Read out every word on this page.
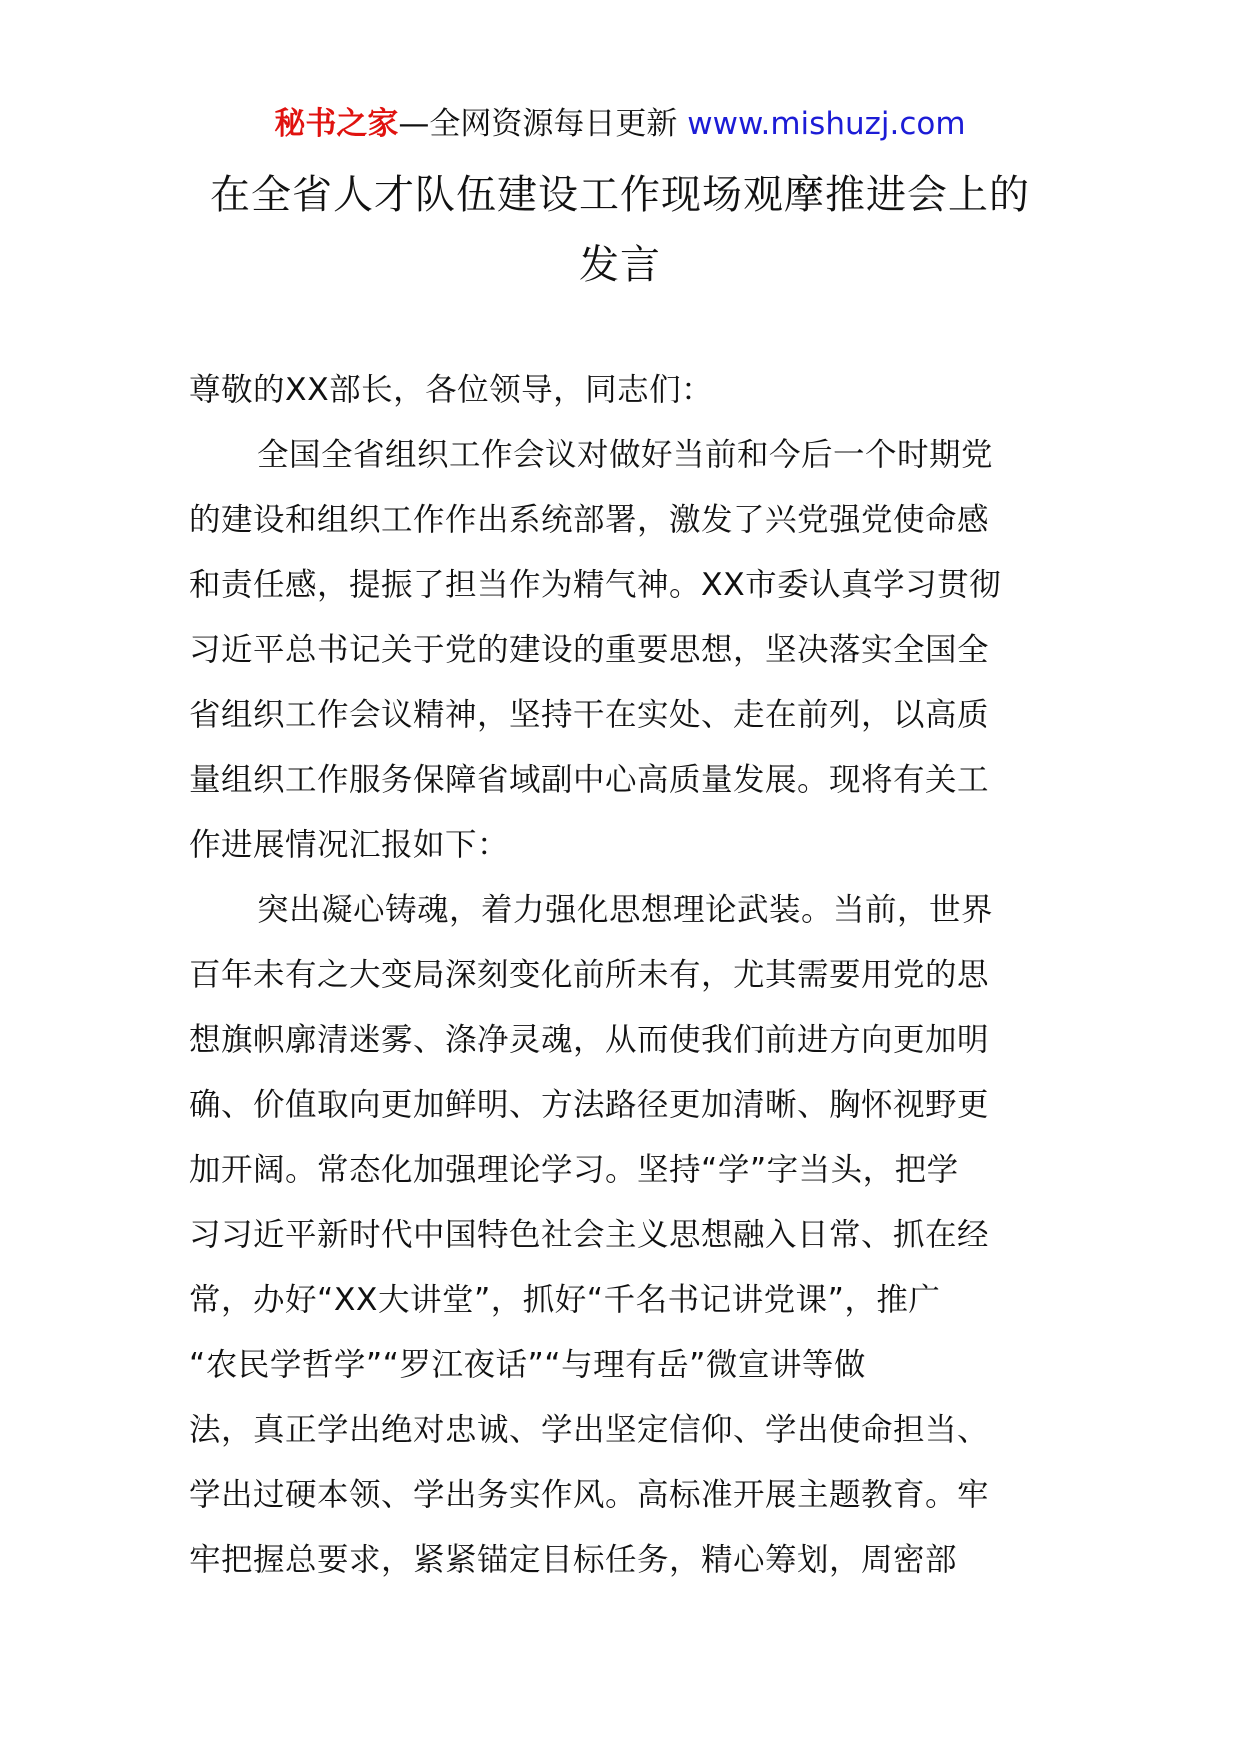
秘书之家—全网资源每日更新 www.mishuzj.com
在全省人才队伍建设工作现场观摩推进会上的
发言
尊敬的XX部长，各位领导，同志们：
全国全省组织工作会议对做好当前和今后一个时期党
的建设和组织工作作出系统部署，激发了兴党强党使命感
和责任感，提振了担当作为精气神。XX市委认真学习贯彻
习近平总书记关于党的建设的重要思想，坚决落实全国全
省组织工作会议精神，坚持干在实处、走在前列，以高质
量组织工作服务保障省域副中心高质量发展。现将有关工
作进展情况汇报如下：
突出凝心铸魂，着力强化思想理论武装。当前，世界
百年未有之大变局深刻变化前所未有，尤其需要用党的思
想旗帜廓清迷雾、涤净灵魂，从而使我们前进方向更加明
确、价值取向更加鲜明、方法路径更加清晰、胸怀视野更
加开阔。常态化加强理论学习。坚持“学”字当头，把学
习习近平新时代中国特色社会主义思想融入日常、抓在经
常，办好“XX大讲堂”，抓好“千名书记讲党课”，推广
“农民学哲学”“罗江夜话”“与理有岳”微宣讲等做
法，真正学出绝对忠诚、学出坚定信仰、学出使命担当、
学出过硬本领、学出务实作风。高标准开展主题教育。牢
牢把握总要求，紧紧锚定目标任务，精心筹划，周密部
